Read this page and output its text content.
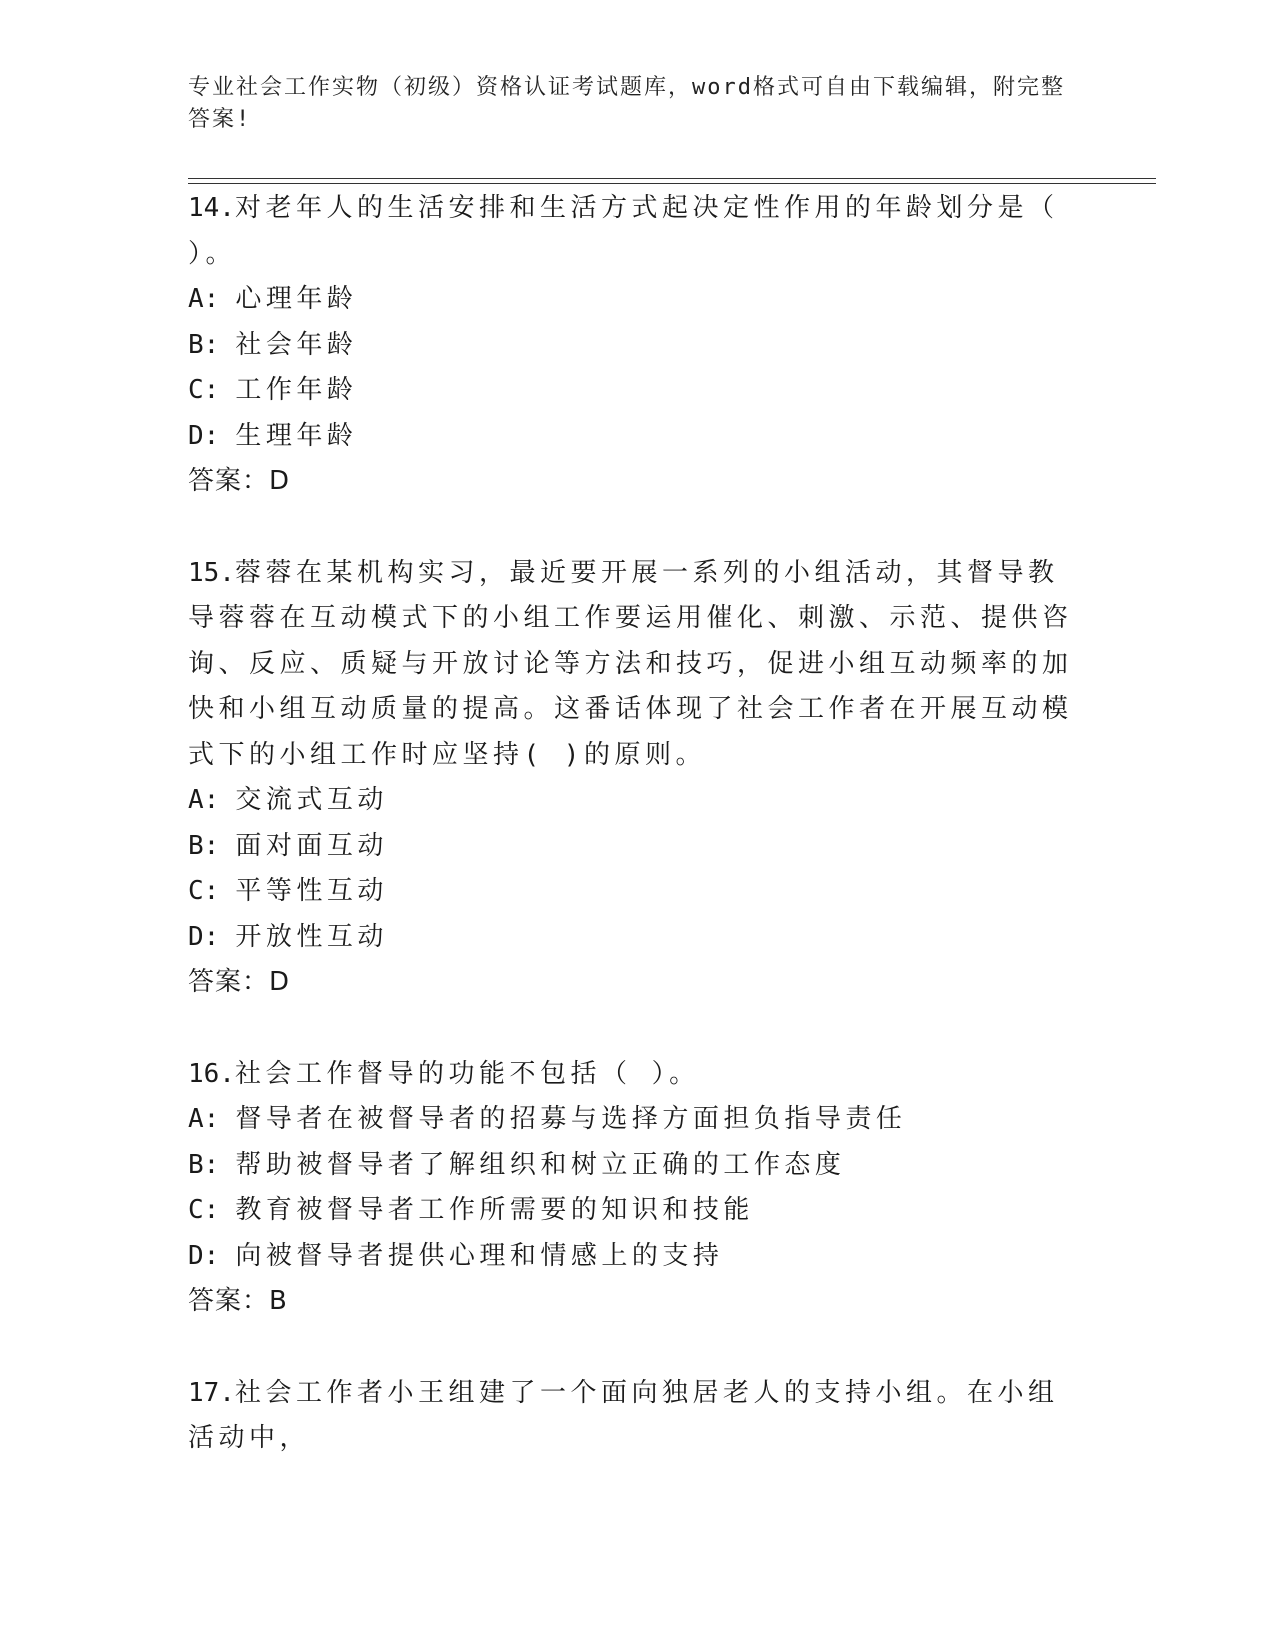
专业社会工作实物（初级）资格认证考试题库，word格式可自由下载编辑，附完整答案!

14.对老年人的生活安排和生活方式起决定性作用的年龄划分是（ ）。

A: 心理年龄

B: 社会年龄

C: 工作年龄

D: 生理年龄

答案：D

15.蓉蓉在某机构实习，最近要开展一系列的小组活动，其督导教导蓉蓉在互动模式下的小组工作要运用催化、刺激、示范、提供咨询、反应、质疑与开放讨论等方法和技巧，促进小组互动频率的加快和小组互动质量的提高。这番话体现了社会工作者在开展互动模式下的小组工作时应坚持( )的原则。

A: 交流式互动

B: 面对面互动

C: 平等性互动

D: 开放性互动

答案：D

16.社会工作督导的功能不包括（ ）。

A: 督导者在被督导者的招募与选择方面担负指导责任

B: 帮助被督导者了解组织和树立正确的工作态度

C: 教育被督导者工作所需要的知识和技能

D: 向被督导者提供心理和情感上的支持

答案：B

17.社会工作者小王组建了一个面向独居老人的支持小组。在小组活动中，
